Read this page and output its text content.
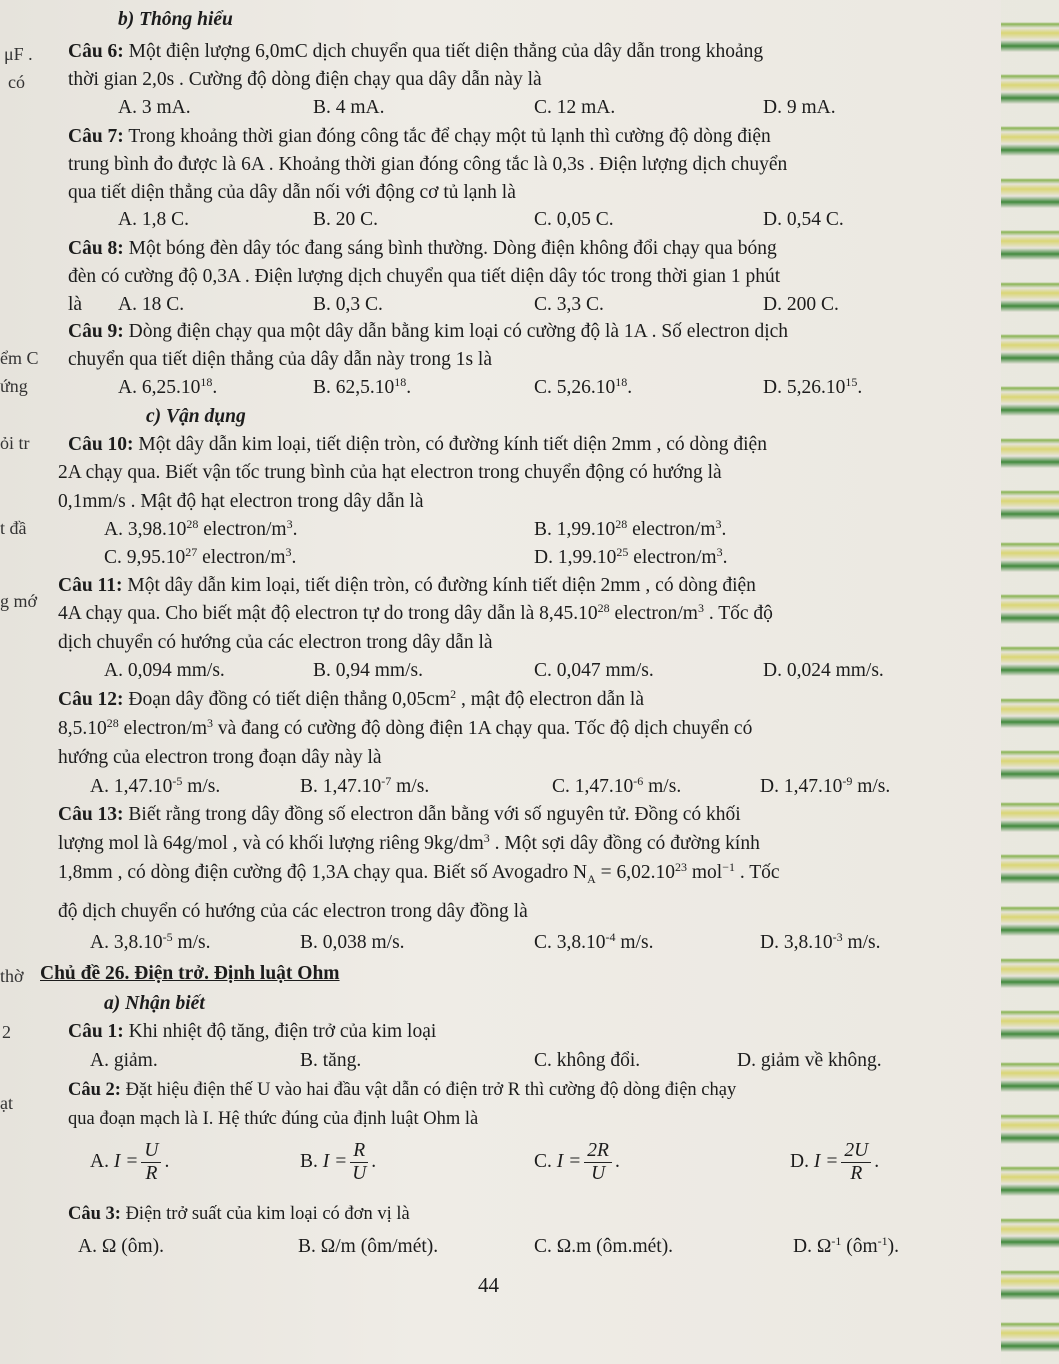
μF .
có
ểm C
ứng
ỏi tr
t đầ
g mớ
thờ
2
ạt
b) Thông hiểu
Câu 6: Một điện lượng 6,0mC dịch chuyển qua tiết diện thẳng của dây dẫn trong khoảng
thời gian 2,0s . Cường độ dòng điện chạy qua dây dẫn này là
A. 3 mA.	B. 4 mA.	C. 12 mA.	D. 9 mA.
Câu 7: Trong khoảng thời gian đóng công tắc để chạy một tủ lạnh thì cường độ dòng điện
trung bình đo được là 6A . Khoảng thời gian đóng công tắc là 0,3s . Điện lượng dịch chuyển
qua tiết diện thẳng của dây dẫn nối với động cơ tủ lạnh là
A. 1,8 C.	B. 20 C.	C. 0,05 C.	D. 0,54 C.
Câu 8: Một bóng đèn dây tóc đang sáng bình thường. Dòng điện không đổi chạy qua bóng
đèn có cường độ 0,3A . Điện lượng dịch chuyển qua tiết diện dây tóc trong thời gian 1 phút
là A. 18 C.	B. 0,3 C.	C. 3,3 C.	D. 200 C.
Câu 9: Dòng điện chạy qua một dây dẫn bằng kim loại có cường độ là 1A . Số electron dịch
chuyển qua tiết diện thẳng của dây dẫn này trong 1s là
A. 6,25.10$^{18}$.	B. 62,5.10$^{18}$.	C. 5,26.10$^{18}$.	D. 5,26.10$^{15}$.
c) Vận dụng
Câu 10: Một dây dẫn kim loại, tiết diện tròn, có đường kính tiết diện 2mm , có dòng điện
2A chạy qua. Biết vận tốc trung bình của hạt electron trong chuyển động có hướng là
0,1mm/s . Mật độ hạt electron trong dây dẫn là
A. 3,98.10$^{28}$ electron/$m^3$.	B. 1,99.10$^{28}$ electron/$m^3$.
C. 9,95.10$^{27}$ electron/$m^3$.	D. 1,99.10$^{25}$ electron/$m^3$.
Câu 11: Một dây dẫn kim loại, tiết diện tròn, có đường kính tiết diện 2mm , có dòng điện
4A chạy qua. Cho biết mật độ electron tự do trong dây dẫn là 8,45.10$^{28}$ electron/$m^3$ . Tốc độ
dịch chuyển có hướng của các electron trong dây dẫn là
A. 0,094 mm/s.	B. 0,94 mm/s.	C. 0,047 mm/s.	D. 0,024 mm/s.
Câu 12: Đoạn dây đồng có tiết diện thẳng $0,05cm^2$ , mật độ electron dẫn là
8,5.10$^{28}$ electron/$m^3$ và đang có cường độ dòng điện 1A chạy qua. Tốc độ dịch chuyển có
hướng của electron trong đoạn dây này là
A. $1,47.10^{-5}$ m/s.	B. $1,47.10^{-7}$ m/s.	C. $1,47.10^{-6}$ m/s.	D. $1,47.10^{-9}$ m/s.
Câu 13: Biết rằng trong dây đồng số electron dẫn bằng với số nguyên tử. Đồng có khối
lượng mol là 64g/mol , và có khối lượng riêng $9kg/dm^3$ . Một sợi dây đồng có đường kính
1,8mm , có dòng điện cường độ 1,3A chạy qua. Biết số Avogadro $N_A = 6,02.10^{23}$ mol$^{-1}$ . Tốc
độ dịch chuyển có hướng của các electron trong dây đồng là
A. $3,8.10^{-5}$ m/s.	B. 0,038 m/s.	C. $3,8.10^{-4}$ m/s.	D. $3,8.10^{-3}$ m/s.
Chủ đề 26. Điện trở. Định luật Ohm
a) Nhận biết
Câu 1: Khi nhiệt độ tăng, điện trở của kim loại
A. giảm.	B. tăng.	C. không đổi.	D. giảm về không.
Câu 2: Đặt hiệu điện thế U vào hai đầu vật dẫn có điện trở R thì cường độ dòng điện chạy
qua đoạn mạch là I. Hệ thức đúng của định luật Ohm là
A. $I = \frac{U}{R}$ .	B. $I = \frac{R}{U}$ .	C. $I = \frac{2R}{U}$ .	D. $I = \frac{2U}{R}$ .
Câu 3: Điện trở suất của kim loại có đơn vị là
A. Ω (ôm).	B. Ω/m (ôm/mét).	C. Ω.m (ôm.mét).	D. $\Omega^{-1}$ $(ôm^{-1})$.
44
